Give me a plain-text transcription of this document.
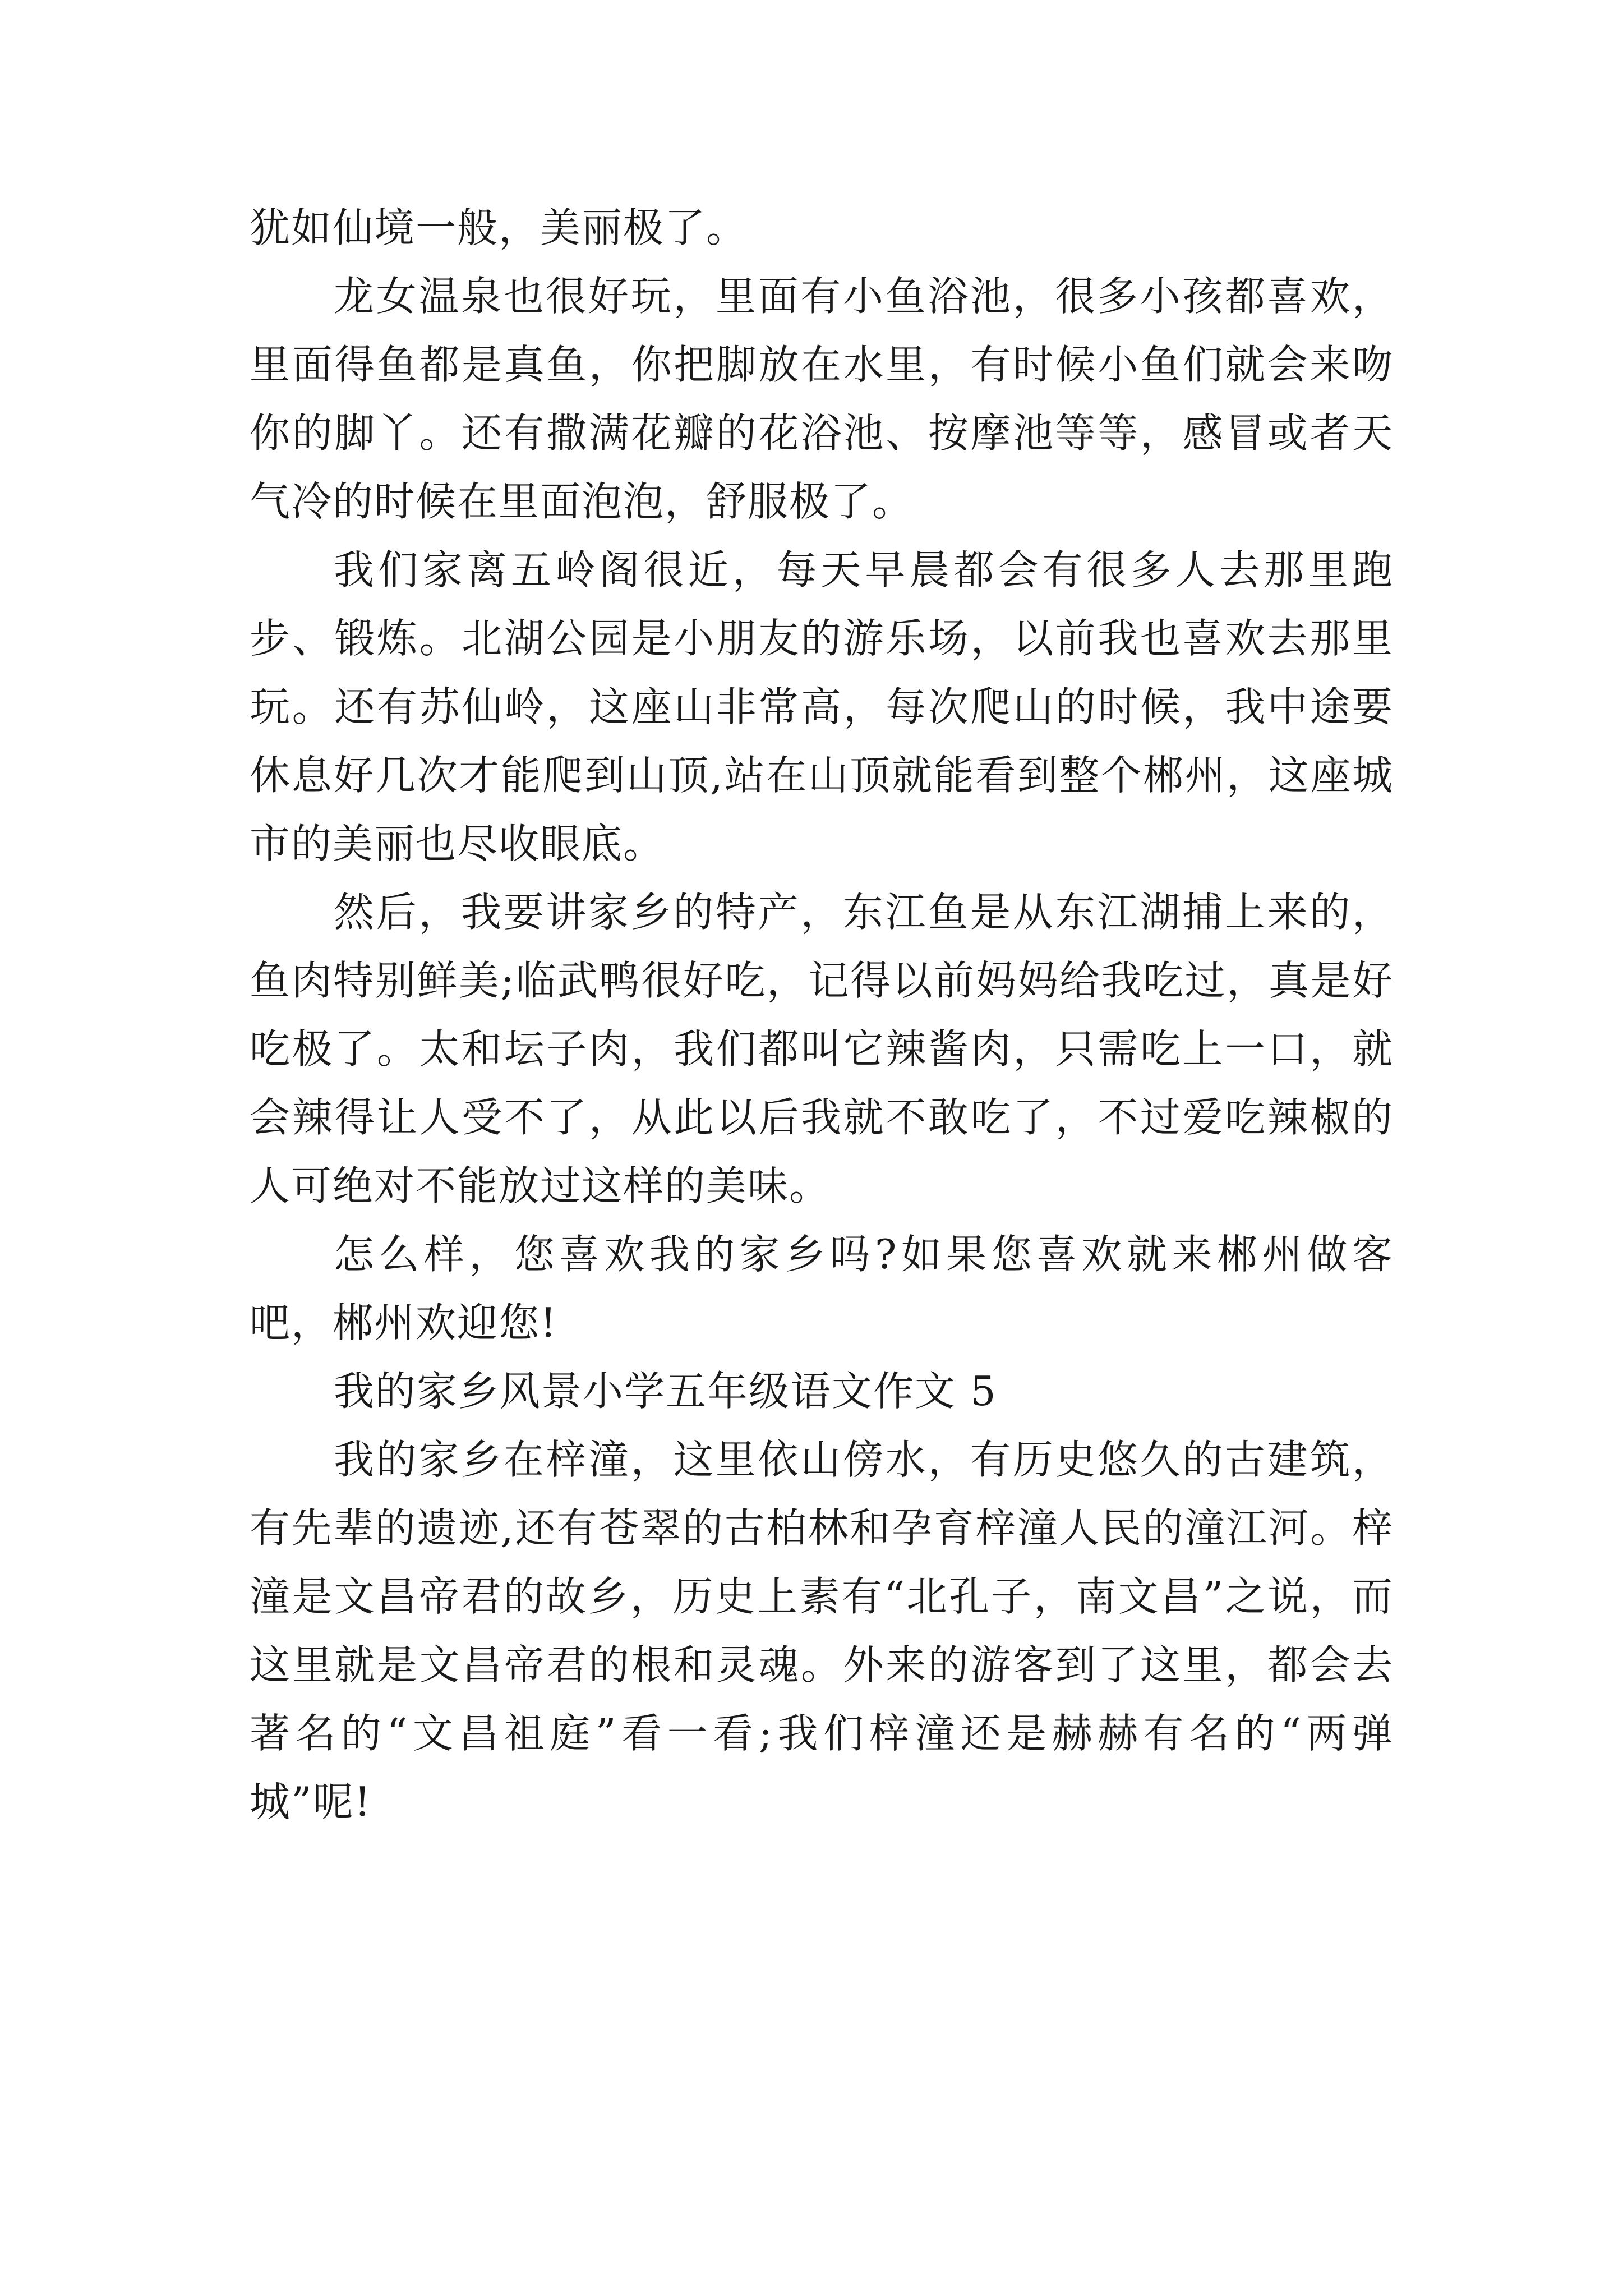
犹如仙境一般，美丽极了。

龙女温泉也很好玩，里面有小鱼浴池，很多小孩都喜欢，里面得鱼都是真鱼，你把脚放在水里，有时候小鱼们就会来吻你的脚丫。还有撒满花瓣的花浴池、按摩池等等，感冒或者天气冷的时候在里面泡泡，舒服极了。

我们家离五岭阁很近，每天早晨都会有很多人去那里跑步、锻炼。北湖公园是小朋友的游乐场，以前我也喜欢去那里玩。还有苏仙岭，这座山非常高，每次爬山的时候，我中途要休息好几次才能爬到山顶,站在山顶就能看到整个郴州，这座城市的美丽也尽收眼底。

然后，我要讲家乡的特产，东江鱼是从东江湖捕上来的，鱼肉特别鲜美;临武鸭很好吃，记得以前妈妈给我吃过，真是好吃极了。太和坛子肉，我们都叫它辣酱肉，只需吃上一口，就会辣得让人受不了，从此以后我就不敢吃了，不过爱吃辣椒的人可绝对不能放过这样的美味。

怎么样，您喜欢我的家乡吗?如果您喜欢就来郴州做客吧，郴州欢迎您!

我的家乡风景小学五年级语文作文 5

我的家乡在梓潼，这里依山傍水，有历史悠久的古建筑，有先辈的遗迹,还有苍翠的古柏林和孕育梓潼人民的潼江河。梓潼是文昌帝君的故乡，历史上素有“北孔子，南文昌”之说，而这里就是文昌帝君的根和灵魂。外来的游客到了这里，都会去著名的“文昌祖庭”看一看;我们梓潼还是赫赫有名的“两弹城”呢!
